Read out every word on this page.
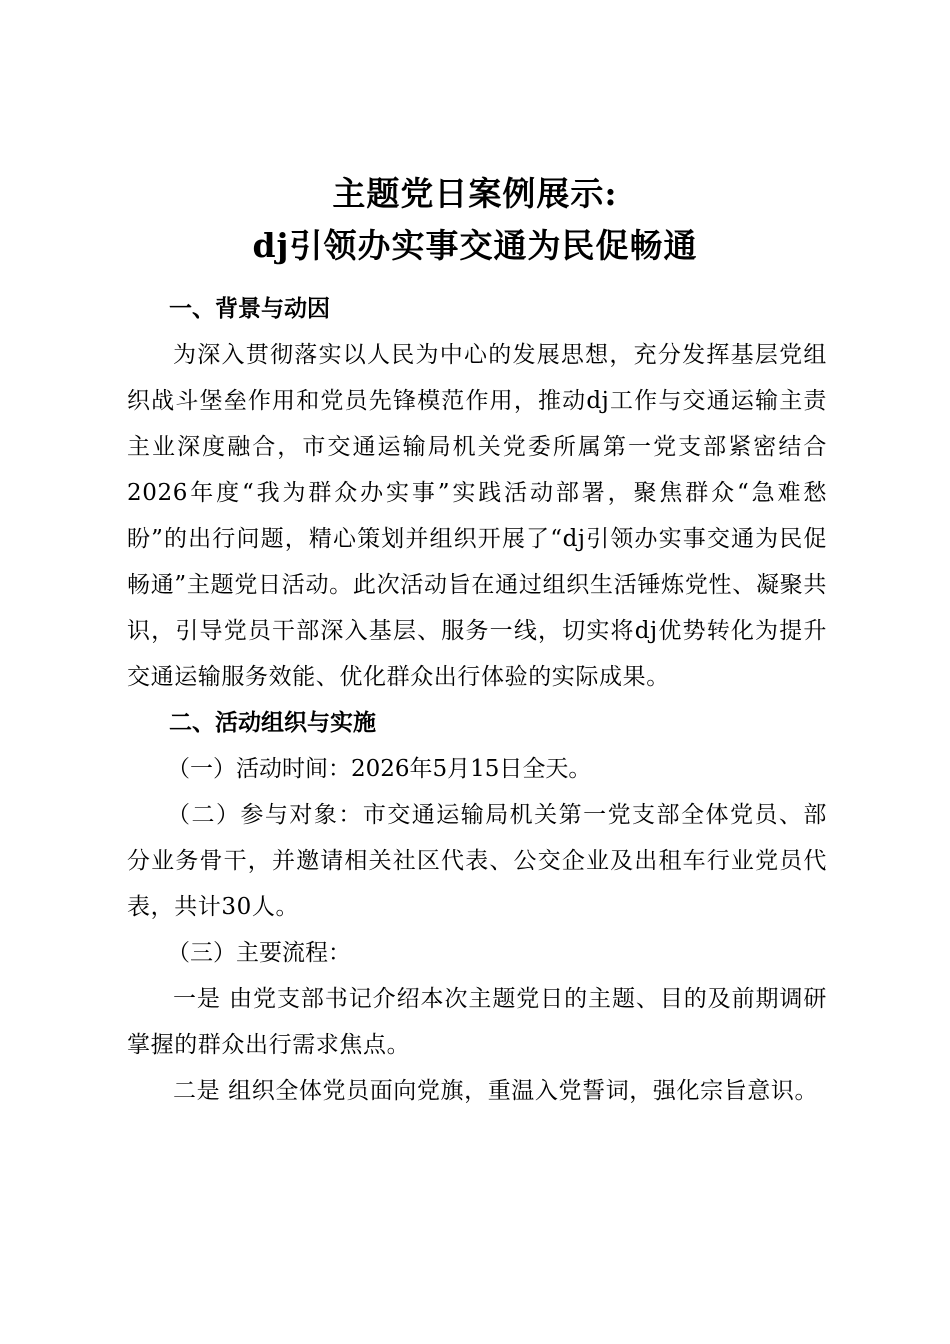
主题党日案例展示:
dj引领办实事交通为民促畅通
一、背景与动因
为深入贯彻落实以人民为中心的发展思想，充分发挥基层党组织战斗堡垒作用和党员先锋模范作用，推动dj工作与交通运输主责主业深度融合，市交通运输局机关党委所属第一党支部紧密结合2026年度“我为群众办实事”实践活动部署，聚焦群众“急难愁盼”的出行问题，精心策划并组织开展了“dj引领办实事交通为民促畅通”主题党日活动。此次活动旨在通过组织生活锤炼党性、凝聚共识，引导党员干部深入基层、服务一线，切实将dj优势转化为提升交通运输服务效能、优化群众出行体验的实际成果。
二、活动组织与实施
（一）活动时间：2026年5月15日全天。
（二）参与对象：市交通运输局机关第一党支部全体党员、部分业务骨干，并邀请相关社区代表、公交企业及出租车行业党员代表，共计30人。
（三）主要流程：
一是 由党支部书记介绍本次主题党日的主题、目的及前期调研掌握的群众出行需求焦点。
二是 组织全体党员面向党旗，重温入党誓词，强化宗旨意识。
